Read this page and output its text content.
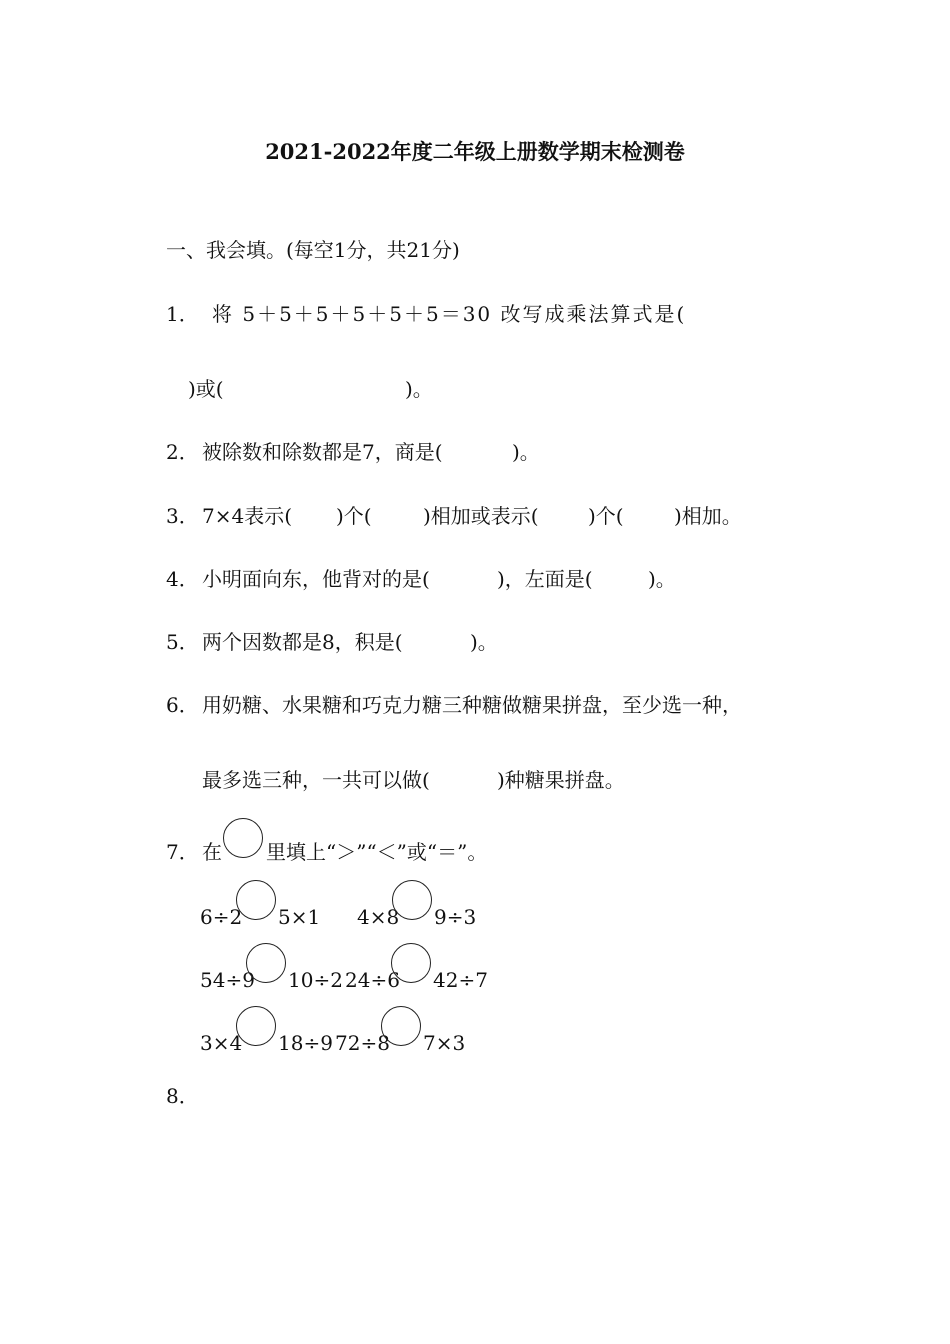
2021-2022年度二年级上册数学期末检测卷
一、我会填。(每空1分，共21分)
1． 将 5＋5＋5＋5＋5＋5＝30 改写成乘法算式是(
)或(	)。
2． 被除数和除数都是7，商是(	)。
3． 7×4表示( )个(	)相加或表示( )个(	)相加。
4． 小明面向东，他背对的是(	)，左面是(	)。
5． 两个因数都是8，积是(	)。
6． 用奶糖、水果糖和巧克力糖三种糖做糖果拼盘，至少选一种，
最多选三种，一共可以做(	)种糖果拼盘。
7． 在 里填上“＞”“＜”或“＝”。
6÷2 5×1 4×8 9÷3
54÷9 10÷2 24÷6 42÷7
3×4 18÷9 72÷8 7×3
8．
